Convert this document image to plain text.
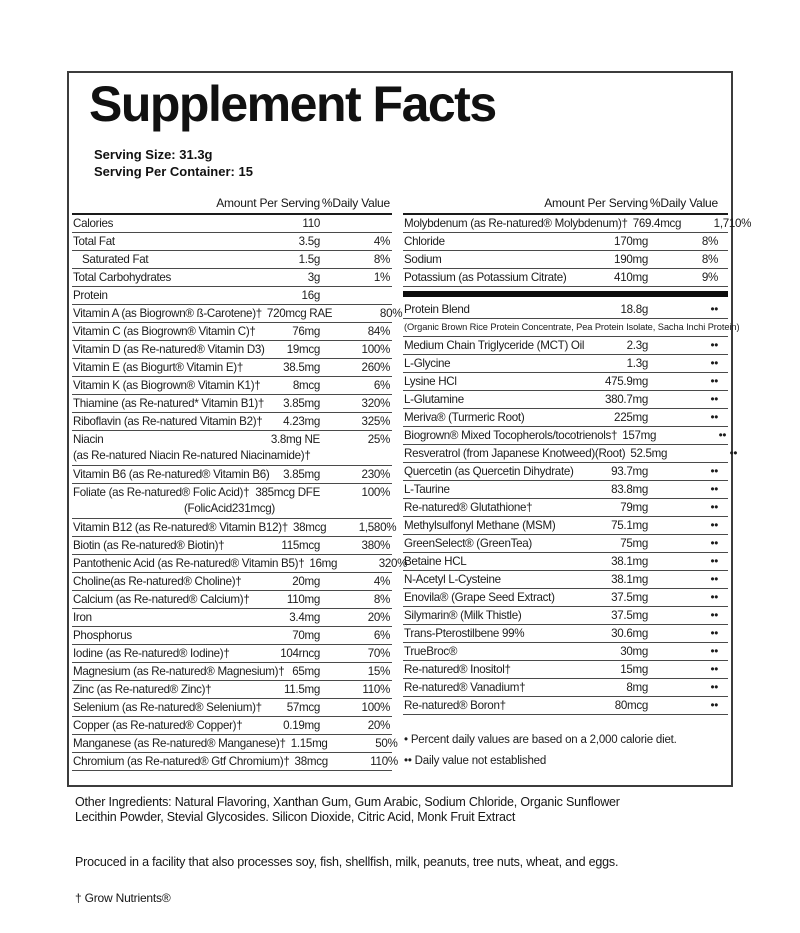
Supplement Facts
Serving Size: 31.3g
Serving Per Container: 15
Amount Per Serving %Daily Value
Calories	110
Total Fat	3.5g	4%
Saturated Fat	1.5g	8%
Total Carbohydrates	3g	1%
Protein	16g
Vitamin A (as Biogrown® ß-Carotene)† 720mcg RAE	80%
Vitamin C (as Biogrown® Vitamin C)†	76mg	84%
Vitamin D (as Re-natured® Vitamin D3)	19mcg	100%
Vitamin E (as Biogurt® Vitamin E)†	38.5mg	260%
Vitamin K (as Biogrown® Vitamin K1)†	8mcg	6%
Thiamine (as Re-natured* Vitamin B1)†	3.85mg	320%
Riboflavin (as Re-natured Vitamin B2)†	4.23mg	325%
Niacin	3.8mg NE	25%
(as Re-natured Niacin Re-natured Niacinamide)†
Vitamin B6 (as Re-natured® Vitamin B6)	3.85mg	230%
Foliate (as Re-natured® Folic Acid)† 385mcg DFE	100%
(FolicAcid231mcg)
Vitamin B12 (as Re-natured® Vitamin B12)† 38mcg	1,580%
Biotin (as Re-natured® Biotin)†	115mcg	380%
Pantothenic Acid (as Re-natured® Vitamin B5)† 16mg	320%
Choline(as Re-natured® Choline)†	20mg	4%
Calcium (as Re-natured® Calcium)†	110mg	8%
Iron	3.4mg	20%
Phosphorus	70mg	6%
Iodine (as Re-natured® Iodine)†	104rncg	70%
Magnesium (as Re-natured® Magnesium)† 65mg	15%
Zinc (as Re-natured® Zinc)†	11.5mg	110%
Selenium (as Re-natured® Selenium)†	57mcg	100%
Copper (as Re-natured® Copper)†	0.19mg	20%
Manganese (as Re-natured® Manganese)† 1.15mg	50%
Chromium (as Re-natured® Gtf Chromium)† 38mcg	110%
Amount Per Serving %Daily Value
Molybdenum (as Re-natured® Molybdenum)† 769.4mcg	1,710%
Chloride	170mg	8%
Sodium	190mg	8%
Potassium (as Potassium Citrate)	410mg	9%
Protein Blend	18.8g	••
(Organic Brown Rice Protein Concentrate, Pea Protein Isolate, Sacha Inchi Protein)
Medium Chain Triglyceride (MCT) Oil	2.3g	••
L-Glycine	1.3g	••
Lysine HCl	475.9mg	••
L-Glutamine	380.7mg	••
Meriva® (Turmeric Root)	225mg	••
Biogrown® Mixed Tocopherols/tocotrienols† 157mg	••
Resveratrol (from Japanese Knotweed)(Root) 52.5mg	••
Quercetin (as Quercetin Dihydrate)	93.7mg	••
L-Taurine	83.8mg	••
Re-natured® Glutathione†	79mg	••
Methylsulfonyl Methane (MSM)	75.1mg	••
GreenSelect® (GreenTea)	75mg	••
Betaine HCL	38.1mg	••
N-Acetyl L-Cysteine	38.1mg	••
Enovila® (Grape Seed Extract)	37.5mg	••
Silymarin® (Milk Thistle)	37.5mg	••
Trans-Pterostilbene 99%	30.6mg	••
TrueBroc®	30mg	••
Re-natured® Inositol†	15mg	••
Re-natured® Vanadium†	8mg	••
Re-natured® Boron†	80mcg	••
• Percent daily values are based on a 2,000 calorie diet.
•• Daily value not established

Other Ingredients: Natural Flavoring, Xanthan Gum, Gum Arabic, Sodium Chloride, Organic Sunflower Lecithin Powder, Stevial Glycosides. Silicon Dioxide, Citric Acid, Monk Fruit Extract

Procuced in a facility that also processes soy, fish, shellfish, milk, peanuts, tree nuts, wheat, and eggs.

† Grow Nutrients®
